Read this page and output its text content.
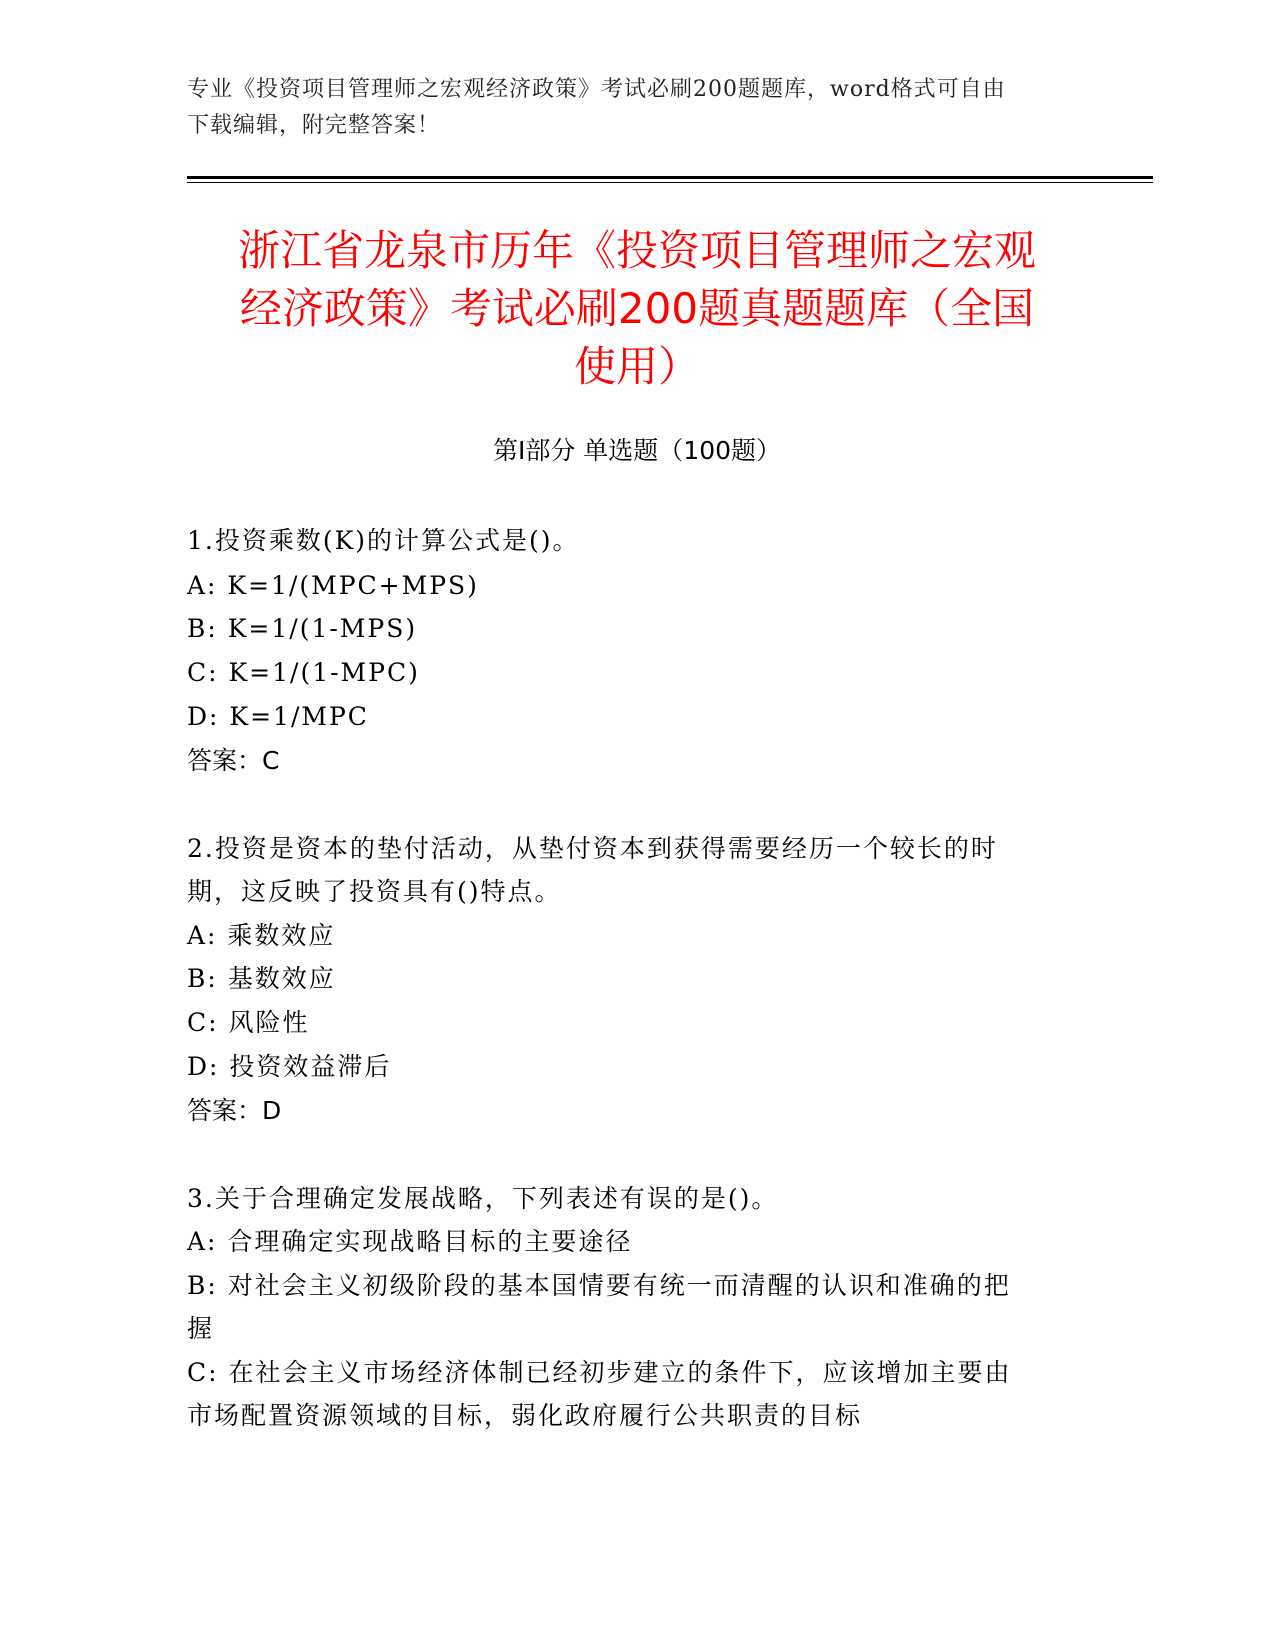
专业《投资项目管理师之宏观经济政策》考试必刷200题题库，word格式可自由
下载编辑，附完整答案！
浙江省龙泉市历年《投资项目管理师之宏观
经济政策》考试必刷200题真题题库（全国
使用）
第Ⅰ部分 单选题（100题）
1.投资乘数(K)的计算公式是()。
A: K=1/(MPC+MPS)
B: K=1/(1-MPS)
C: K=1/(1-MPC)
D: K=1/MPC
答案：C
2.投资是资本的垫付活动，从垫付资本到获得需要经历一个较长的时
期，这反映了投资具有()特点。
A: 乘数效应
B: 基数效应
C: 风险性
D: 投资效益滞后
答案：D
3.关于合理确定发展战略，下列表述有误的是()。
A: 合理确定实现战略目标的主要途径
B: 对社会主义初级阶段的基本国情要有统一而清醒的认识和准确的把
握
C: 在社会主义市场经济体制已经初步建立的条件下，应该增加主要由
市场配置资源领域的目标，弱化政府履行公共职责的目标
